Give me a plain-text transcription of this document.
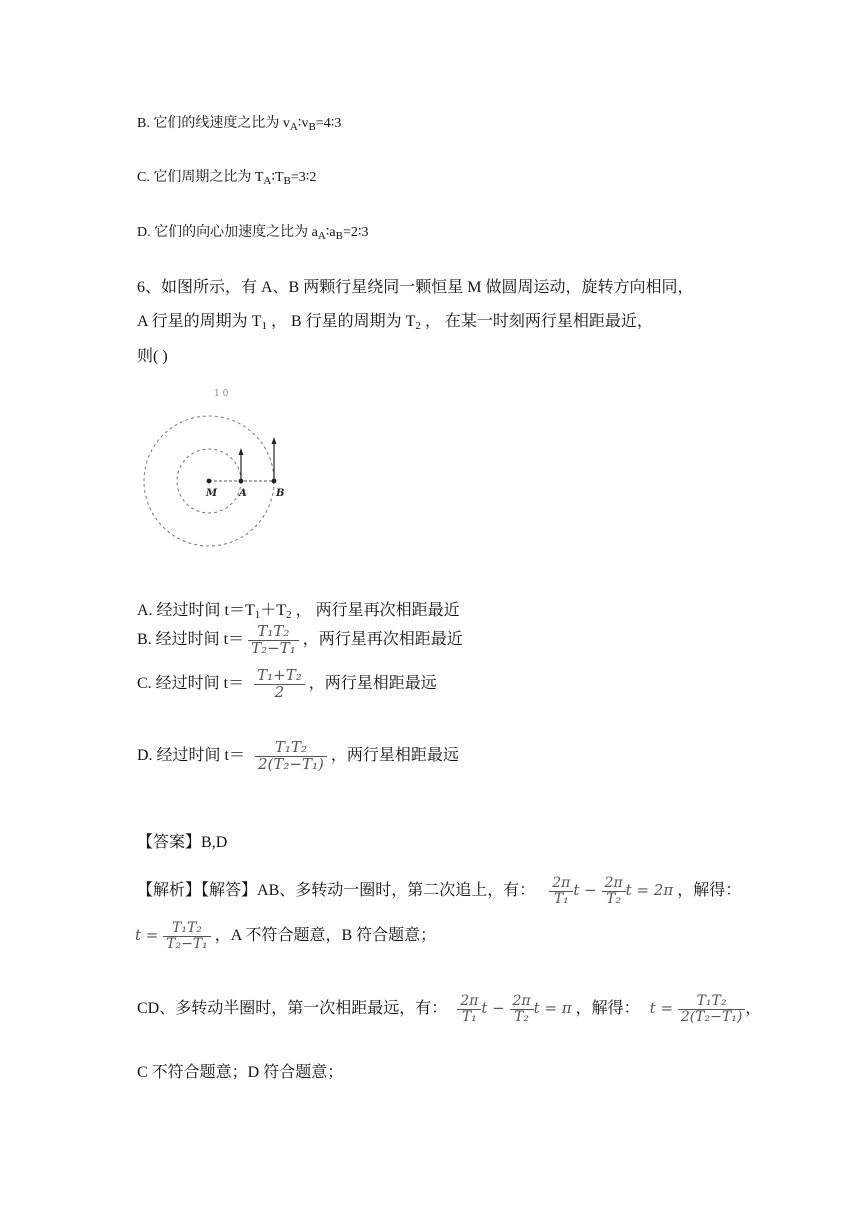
B. 它们的线速度之比为 $v_A∶v_B=4∶3$
C. 它们周期之比为 $T_A∶T_B=3∶2$
D. 它们的向心加速度之比为 $a_A∶a_B=2∶3$
6、如图所示，有 A、B 两颗行星绕同一颗恒星 M 做圆周运动，旋转方向相同，
A 行星的周期为 $T_1$ ， B 行星的周期为 $T_2$ ， 在某一时刻两行星相距最近，
则( )
1 0
M A	B
A. 经过时间 $t=T_1+T_2$ ， 两行星再次相距最近
B. 经过时间 $t= \frac{\text{T₁T₂}}{\text{T₂−T₁}}$ ，两行星再次相距最近
C. 经过时间 $t= \frac{\text{T₁+T₂}}{2}$ ，两行星相距最远
D. 经过时间 $t= \frac{\text{T₁T₂}}{\text{2(T₂−T₁)}}$ ，两行星相距最远
【答案】B,D
【解析】【解答】AB、多转动一圈时，第二次追上，有： $\frac{2\pi}{\text{T₁}}$ $t - \frac{2\pi}{\text{T₂}}$ t = 2π ，解得：
$t = \frac{\text{T₁T₂}}{\text{T₂−T₁}}$ ，A 不符合题意，B 符合题意；
CD、多转动半圈时，第一次相距最远，有： $\frac{2\pi}{\text{T₁}}$ $t - \frac{2\pi}{\text{T₂}}$ t = π ，解得： $t = \frac{\text{T₁T₂}}{\text{2(T₂−T₁)}}$ ，
C 不符合题意；D 符合题意；
